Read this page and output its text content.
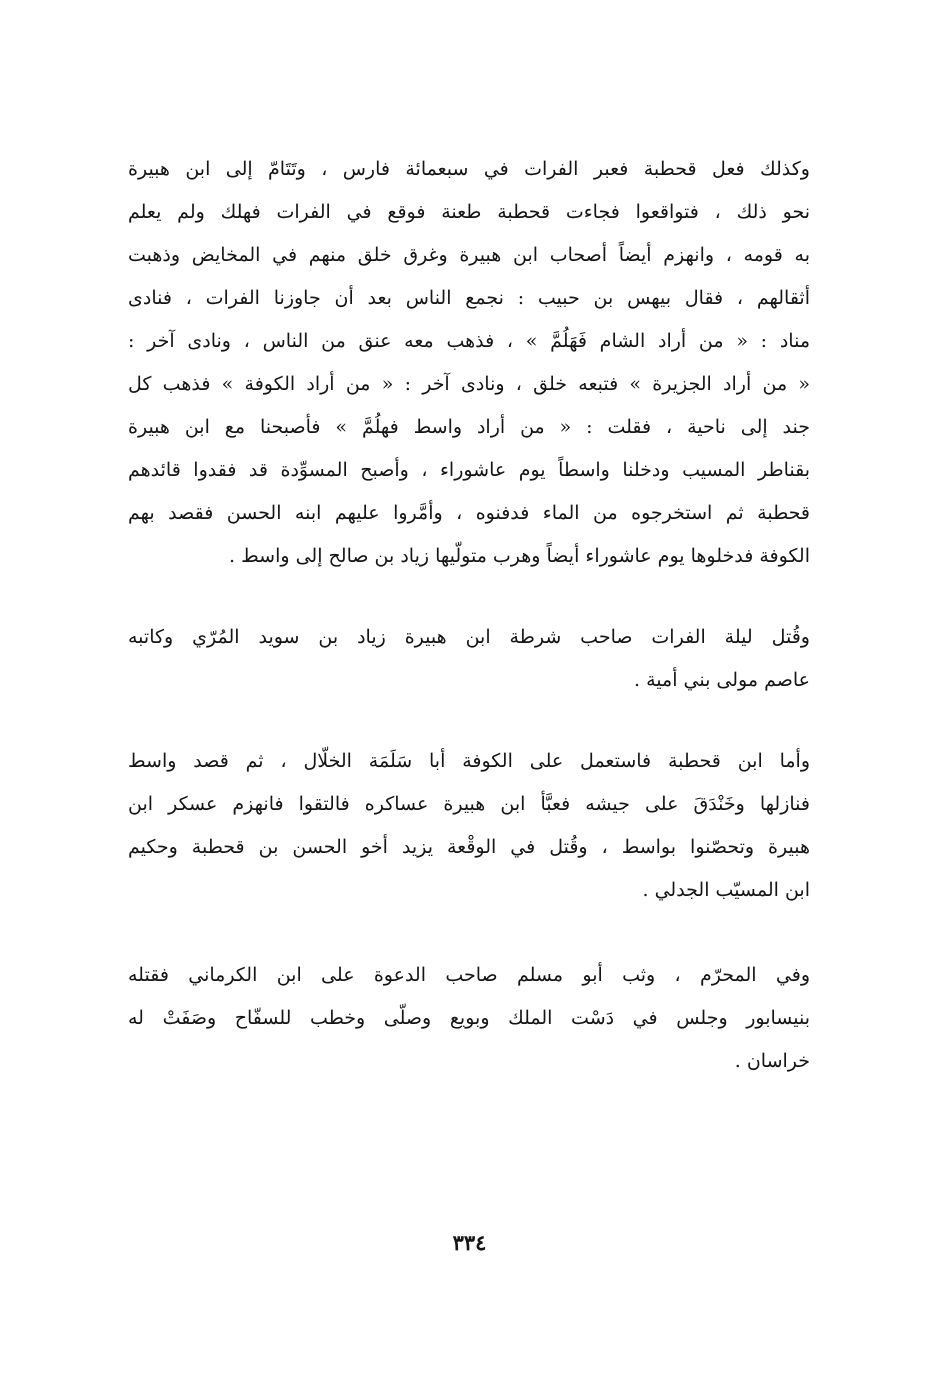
وكذلك فعل قحطبة فعبر الفرات في سبعمائة فارس ، وتَتَامّ إلى ابن هبيرة
نحو ذلك ، فتواقعوا فجاءت قحطبة طعنة فوقع في الفرات فهلك ولم يعلم
به قومه ، وانهزم أيضاً أصحاب ابن هبيرة وغرق خلق منهم في المخايض وذهبت
أثقالهم ، فقال بيهس بن حبيب : نجمع الناس بعد أن جاوزنا الفرات ، فنادى
مناد : « من أراد الشام فَهَلُمَّ » ، فذهب معه عنق من الناس ، ونادى آخر :
« من أراد الجزيرة » فتبعه خلق ، ونادى آخر : « من أراد الكوفة » فذهب كل
جند إلى ناحية ، فقلت : « من أراد واسط فهلُمَّ » فأصبحنا مع ابن هبيرة
بقناطر المسيب ودخلنا واسطاً يوم عاشوراء ، وأصبح المسوِّدة قد فقدوا قائدهم
قحطبة ثم استخرجوه من الماء فدفنوه ، وأمَّروا عليهم ابنه الحسن فقصد بهم
الكوفة فدخلوها يوم عاشوراء أيضاً وهرب متولّيها زياد بن صالح إلى واسط .
وقُتل ليلة الفرات صاحب شرطة ابن هبيرة زياد بن سويد المُرّي وكاتبه
عاصم مولى بني أمية .
وأما ابن قحطبة فاستعمل على الكوفة أبا سَلَمَة الخلّال ، ثم قصد واسط
فنازلها وخَنْدَقَ على جيشه فعبَّأ ابن هبيرة عساكره فالتقوا فانهزم عسكر ابن
هبيرة وتحصّنوا بواسط ، وقُتل في الوقْعة يزيد أخو الحسن بن قحطبة وحكيم
ابن المسيّب الجدلي .
وفي المحرّم ، وثب أبو مسلم صاحب الدعوة على ابن الكرماني فقتله
بنيسابور وجلس في دَسْت الملك وبويع وصلّى وخطب للسفّاح وصَفَتْ له
خراسان .
٣٣٤
